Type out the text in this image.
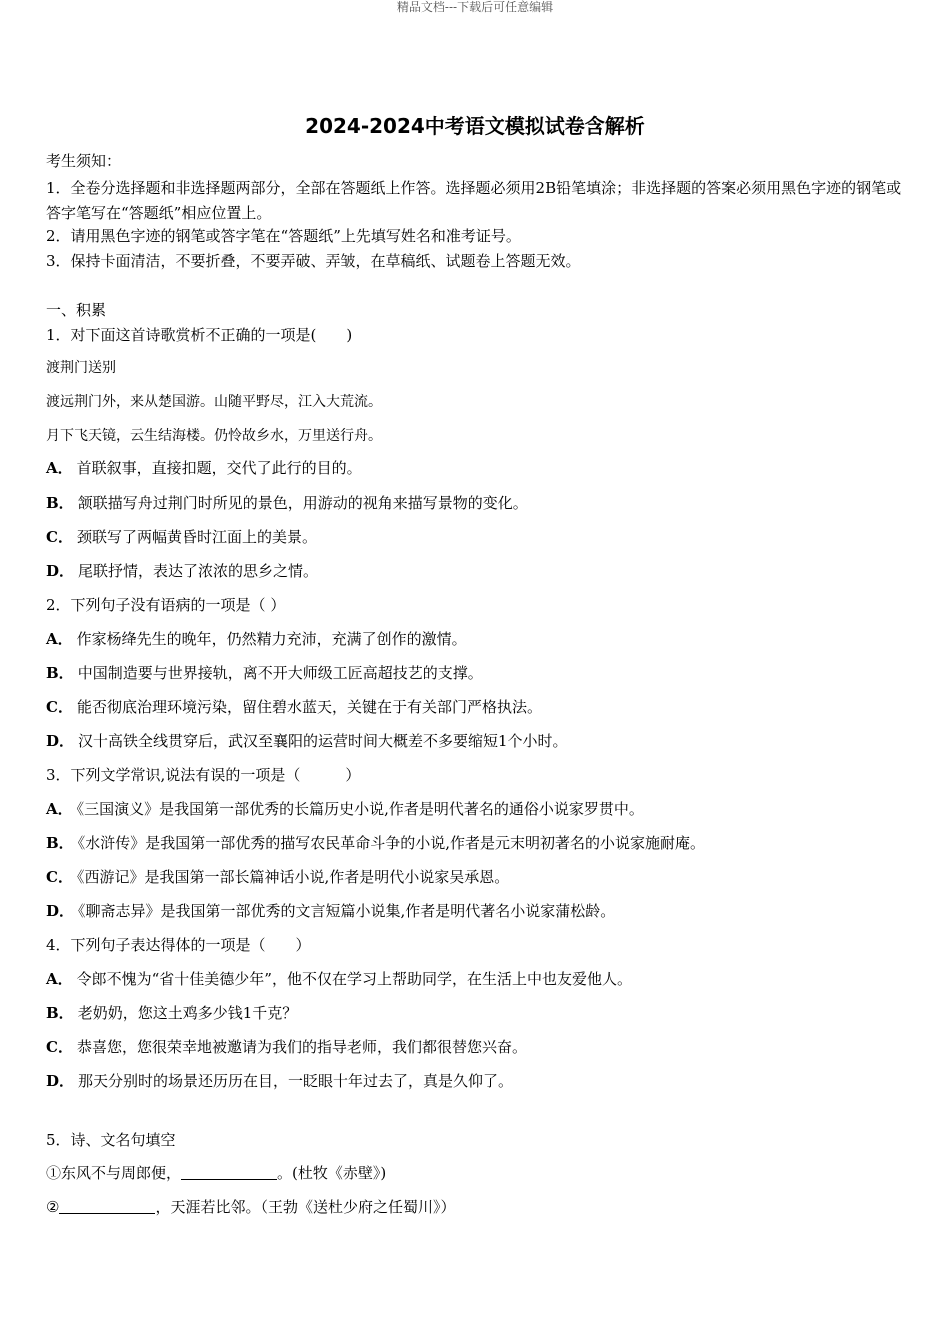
精品文档---下载后可任意编辑
2024-2024中考语文模拟试卷含解析
考生须知：
1．全卷分选择题和非选择题两部分，全部在答题纸上作答。选择题必须用2B铅笔填涂；非选择题的答案必须用黑色字迹的钢笔或答字笔写在“答题纸”相应位置上。
2．请用黑色字迹的钢笔或答字笔在“答题纸”上先填写姓名和准考证号。
3．保持卡面清洁，不要折叠，不要弄破、弄皱，在草稿纸、试题卷上答题无效。
一、积累
1．对下面这首诗歌赏析不正确的一项是(　　)
渡荆门送别
渡远荆门外，来从楚国游。山随平野尽，江入大荒流。
月下飞天镜，云生结海楼。仍怜故乡水，万里送行舟。
A． 首联叙事，直接扣题，交代了此行的目的。
B． 颔联描写舟过荆门时所见的景色，用游动的视角来描写景物的变化。
C． 颈联写了两幅黄昏时江面上的美景。
D． 尾联抒情，表达了浓浓的思乡之情。
2．下列句子没有语病的一项是（ ）
A． 作家杨绛先生的晚年，仍然精力充沛，充满了创作的激情。
B． 中国制造要与世界接轨，离不开大师级工匠高超技艺的支撑。
C． 能否彻底治理环境污染，留住碧水蓝天，关键在于有关部门严格执法。
D． 汉十高铁全线贯穿后，武汉至襄阳的运营时间大概差不多要缩短1个小时。
3．下列文学常识,说法有误的一项是（　　　）
A． 《三国演义》是我国第一部优秀的长篇历史小说,作者是明代著名的通俗小说家罗贯中。
B． 《水浒传》是我国第一部优秀的描写农民革命斗争的小说,作者是元末明初著名的小说家施耐庵。
C． 《西游记》是我国第一部长篇神话小说,作者是明代小说家吴承恩。
D． 《聊斋志异》是我国第一部优秀的文言短篇小说集,作者是明代著名小说家蒲松龄。
4．下列句子表达得体的一项是（　　）
A． 令郎不愧为“省十佳美德少年”，他不仅在学习上帮助同学，在生活上中也友爱他人。
B． 老奶奶，您这土鸡多少钱1千克？
C． 恭喜您，您很荣幸地被邀请为我们的指导老师，我们都很替您兴奋。
D． 那天分别时的场景还历历在目，一眨眼十年过去了，真是久仰了。
5．诗、文名句填空
①东风不与周郎便，	。(杜牧《赤壁》)
②	，天涯若比邻。（王勃《送杜少府之任蜀川》）
